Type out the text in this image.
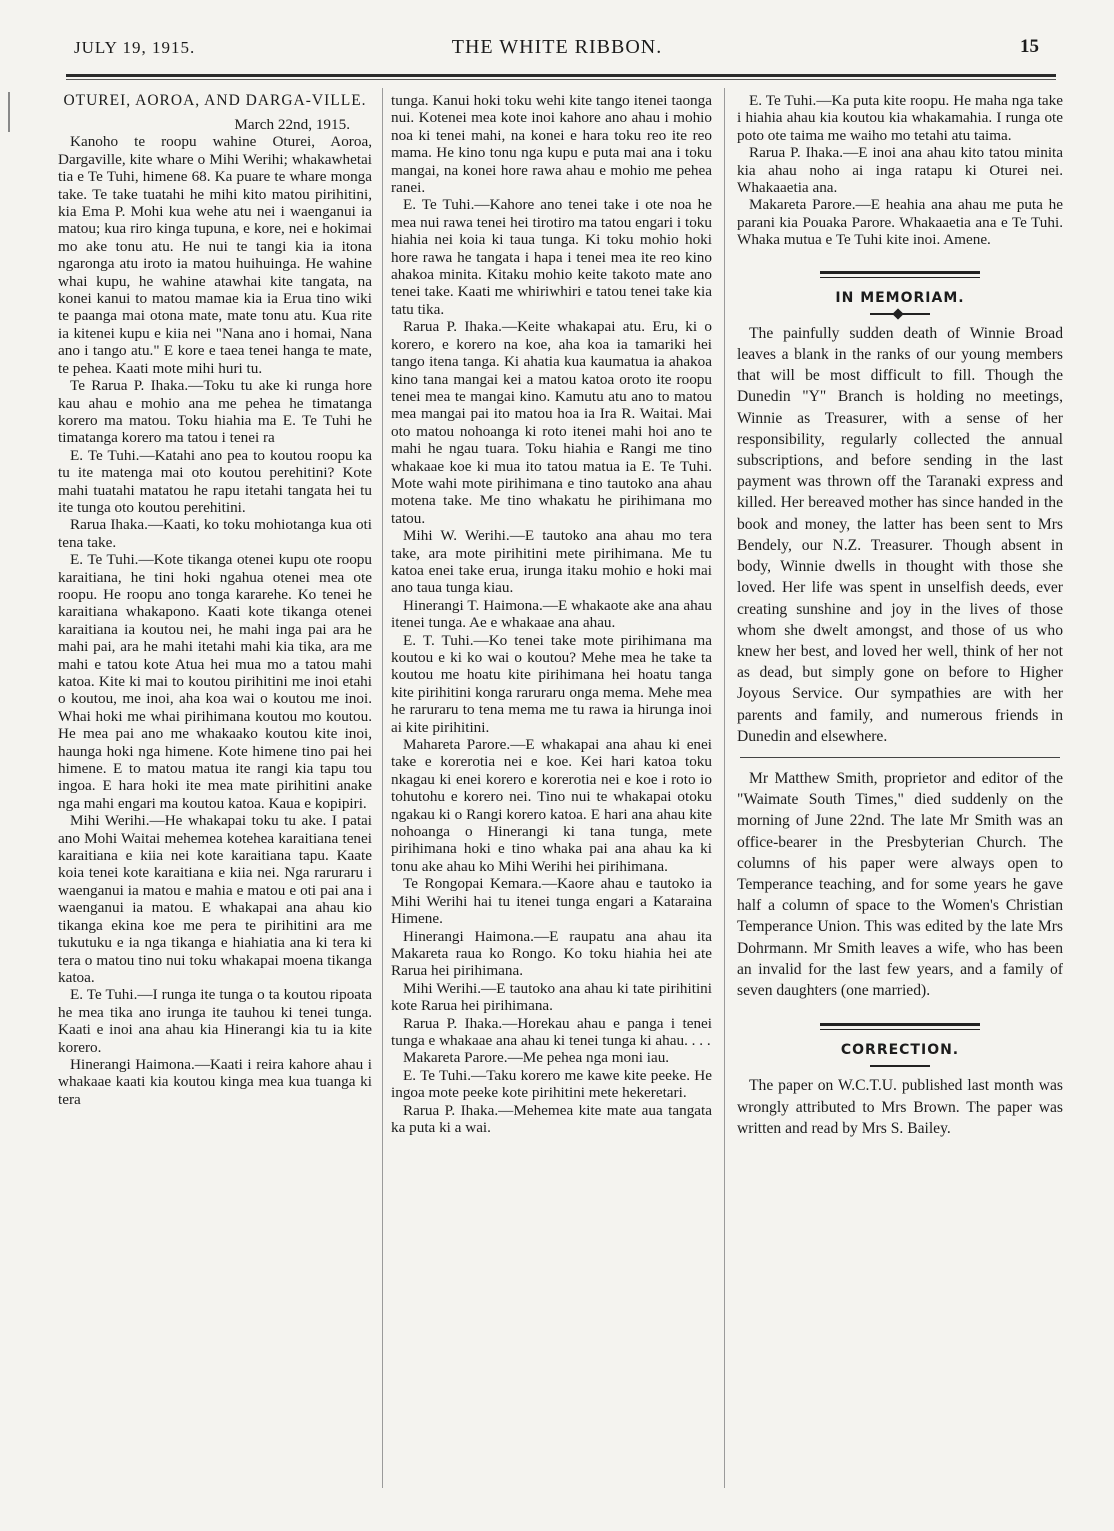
JULY 19, 1915.	THE WHITE RIBBON.	15

OTUREI, AOROA, AND DARGA-VILLE.

March 22nd, 1915.

Kanoho te roopu wahine Oturei, Aoroa, Dargaville, kite whare o Mihi Werihi; whakawhetai tia e Te Tuhi, himene 68. Ka puare te whare monga take. Te take tuatahi he mihi kito matou pirihitini, kia Ema P. Mohi kua wehe atu nei i waenganui ia matou; kua riro kinga tupuna, e kore, nei e hokimai mo ake tonu atu. He nui te tangi kia ia itona ngaronga atu iroto ia matou huihuinga. He wahine whai kupu, he wahine atawhai kite tangata, na konei kanui to matou mamae kia ia Erua tino wiki te paanga mai otona mate, mate tonu atu. Kua rite ia kitenei kupu e kiia nei "Nana ano i homai, Nana ano i tango atu." E kore e taea tenei hanga te mate, te pehea. Kaati mote mihi huri tu.

Te Rarua P. Ihaka.—Toku tu ake ki runga hore kau ahau e mohio ana me pehea he timatanga korero ma matou. Toku hiahia ma E. Te Tuhi he timatanga korero ma tatou i tenei ra

E. Te Tuhi.—Katahi ano pea to koutou roopu ka tu ite matenga mai oto koutou perehitini? Kote mahi tuatahi matatou he rapu itetahi tangata hei tu ite tunga oto koutou perehitini.

Rarua Ihaka.—Kaati, ko toku mohiotanga kua oti tena take.

E. Te Tuhi.—Kote tikanga otenei kupu ote roopu karaitiana, he tini hoki ngahua otenei mea ote roopu. He roopu ano tonga kararehe. Ko tenei he karaitiana whakapono. Kaati kote tikanga otenei karaitiana ia koutou nei, he mahi inga pai ara he mahi pai, ara he mahi itetahi mahi kia tika, ara me mahi e tatou kote Atua hei mua mo a tatou mahi katoa. Kite ki mai to koutou pirihitini me inoi etahi o koutou, me inoi, aha koa wai o koutou me inoi. Whai hoki me whai pirihimana koutou mo koutou. He mea pai ano me whakaako koutou kite inoi, haunga hoki nga himene. Kote himene tino pai hei himene. E to matou matua ite rangi kia tapu tou ingoa. E hara hoki ite mea mate pirihitini anake nga mahi engari ma koutou katoa. Kaua e kopipiri.

Mihi Werihi.—He whakapai toku tu ake. I patai ano Mohi Waitai mehemea kotehea karaitiana tenei karaitiana e kiia nei kote karaitiana tapu. Kaate koia tenei kote karaitiana e kiia nei. Nga raruraru i waenganui ia matou e mahia e matou e oti pai ana i waenganui ia matou. E whakapai ana ahau kio tikanga ekina koe me pera te pirihitini ara me tukutuku e ia nga tikanga e hiahiatia ana ki tera ki tera o matou tino nui toku whakapai moena tikanga katoa.

E. Te Tuhi.—I runga ite tunga o ta koutou ripoata he mea tika ano irunga ite tauhou ki tenei tunga. Kaati e inoi ana ahau kia Hinerangi kia tu ia kite korero.

Hinerangi Haimona.—Kaati i reira kahore ahau i whakaae kaati kia koutou kinga mea kua tuanga ki tera

tunga. Kanui hoki toku wehi kite tango itenei taonga nui. Kotenei mea kote inoi kahore ano ahau i mohio noa ki tenei mahi, na konei e hara toku reo ite reo mama. He kino tonu nga kupu e puta mai ana i toku mangai, na konei hore rawa ahau e mohio me pehea ranei.

E. Te Tuhi.—Kahore ano tenei take i ote noa he mea nui rawa tenei hei tirotiro ma tatou engari i toku hiahia nei koia ki taua tunga. Ki toku mohio hoki hore rawa he tangata i hapa i tenei mea ite reo kino ahakoa minita. Kitaku mohio keite takoto mate ano tenei take. Kaati me whiriwhiri e tatou tenei take kia tatu tika.

Rarua P. Ihaka.—Keite whakapai atu. Eru, ki o korero, e korero na koe, aha koa ia tamariki hei tango itena tanga. Ki ahatia kua kaumatua ia ahakoa kino tana mangai kei a matou katoa oroto ite roopu tenei mea te mangai kino. Kamutu atu ano to matou mea mangai pai ito matou hoa ia Ira R. Waitai. Mai oto matou nohoanga ki roto itenei mahi hoi ano te mahi he ngau tuara. Toku hiahia e Rangi me tino whakaae koe ki mua ito tatou matua ia E. Te Tuhi. Mote wahi mote pirihimana e tino tautoko ana ahau motena take. Me tino whakatu he pirihimana mo tatou.

Mihi W. Werihi.—E tautoko ana ahau mo tera take, ara mote pirihitini mete pirihimana. Me tu katoa enei take erua, irunga itaku mohio e hoki mai ano taua tunga kiau.

Hinerangi T. Haimona.—E whakaote ake ana ahau itenei tunga. Ae e whakaae ana ahau.

E. T. Tuhi.—Ko tenei take mote pirihimana ma koutou e ki ko wai o koutou? Mehe mea he take ta koutou me hoatu kite pirihimana hei hoatu tanga kite pirihitini konga raruraru onga mema. Mehe mea he raruraru to tena mema me tu rawa ia hirunga inoi ai kite pirihitini.

Mahareta Parore.—E whakapai ana ahau ki enei take e korerotia nei e koe. Kei hari katoa toku nkagau ki enei korero e korerotia nei e koe i roto io tohutohu e korero nei. Tino nui te whakapai otoku ngakau ki o Rangi korero katoa. E hari ana ahau kite nohoanga o Hinerangi ki tana tunga, mete pirihimana hoki e tino whaka pai ana ahau ka ki tonu ake ahau ko Mihi Werihi hei pirihimana.

Te Rongopai Kemara.—Kaore ahau e tautoko ia Mihi Werihi hai tu itenei tunga engari a Kataraina Himene.

Hinerangi Haimona.—E raupatu ana ahau ita Makareta raua ko Rongo. Ko toku hiahia hei ate Rarua hei pirihimana.

Mihi Werihi.—E tautoko ana ahau ki tate pirihitini kote Rarua hei pirihimana.

Rarua P. Ihaka.—Horekau ahau e panga i tenei tunga e whakaae ana ahau ki tenei tunga ki ahau. . . .

Makareta Parore.—Me pehea nga moni iau.

E. Te Tuhi.—Taku korero me kawe kite peeke. He ingoa mote peeke kote pirihitini mete hekeretari.

Rarua P. Ihaka.—Mehemea kite mate aua tangata ka puta ki a wai.

E. Te Tuhi.—Ka puta kite roopu. He maha nga take i hiahia ahau kia koutou kia whakamahia. I runga ote poto ote taima me waiho mo tetahi atu taima.

Rarua P. Ihaka.—E inoi ana ahau kito tatou minita kia ahau noho ai inga ratapu ki Oturei nei. Whakaaetia ana.

Makareta Parore.—E heahia ana ahau me puta he parani kia Pouaka Parore. Whakaaetia ana e Te Tuhi. Whaka mutua e Te Tuhi kite inoi. Amene.

IN MEMORIAM.

The painfully sudden death of Winnie Broad leaves a blank in the ranks of our young members that will be most difficult to fill. Though the Dunedin "Y" Branch is holding no meetings, Winnie as Treasurer, with a sense of her responsibility, regularly collected the annual subscriptions, and before sending in the last payment was thrown off the Taranaki express and killed. Her bereaved mother has since handed in the book and money, the latter has been sent to Mrs Bendely, our N.Z. Treasurer. Though absent in body, Winnie dwells in thought with those she loved. Her life was spent in unselfish deeds, ever creating sunshine and joy in the lives of those whom she dwelt amongst, and those of us who knew her best, and loved her well, think of her not as dead, but simply gone on before to Higher Joyous Service. Our sympathies are with her parents and family, and numerous friends in Dunedin and elsewhere.

Mr Matthew Smith, proprietor and editor of the "Waimate South Times," died suddenly on the morning of June 22nd. The late Mr Smith was an office-bearer in the Presbyterian Church. The columns of his paper were always open to Temperance teaching, and for some years he gave half a column of space to the Women's Christian Temperance Union. This was edited by the late Mrs Dohrmann. Mr Smith leaves a wife, who has been an invalid for the last few years, and a family of seven daughters (one married).

CORRECTION.

The paper on W.C.T.U. published last month was wrongly attributed to Mrs Brown. The paper was written and read by Mrs S. Bailey.
